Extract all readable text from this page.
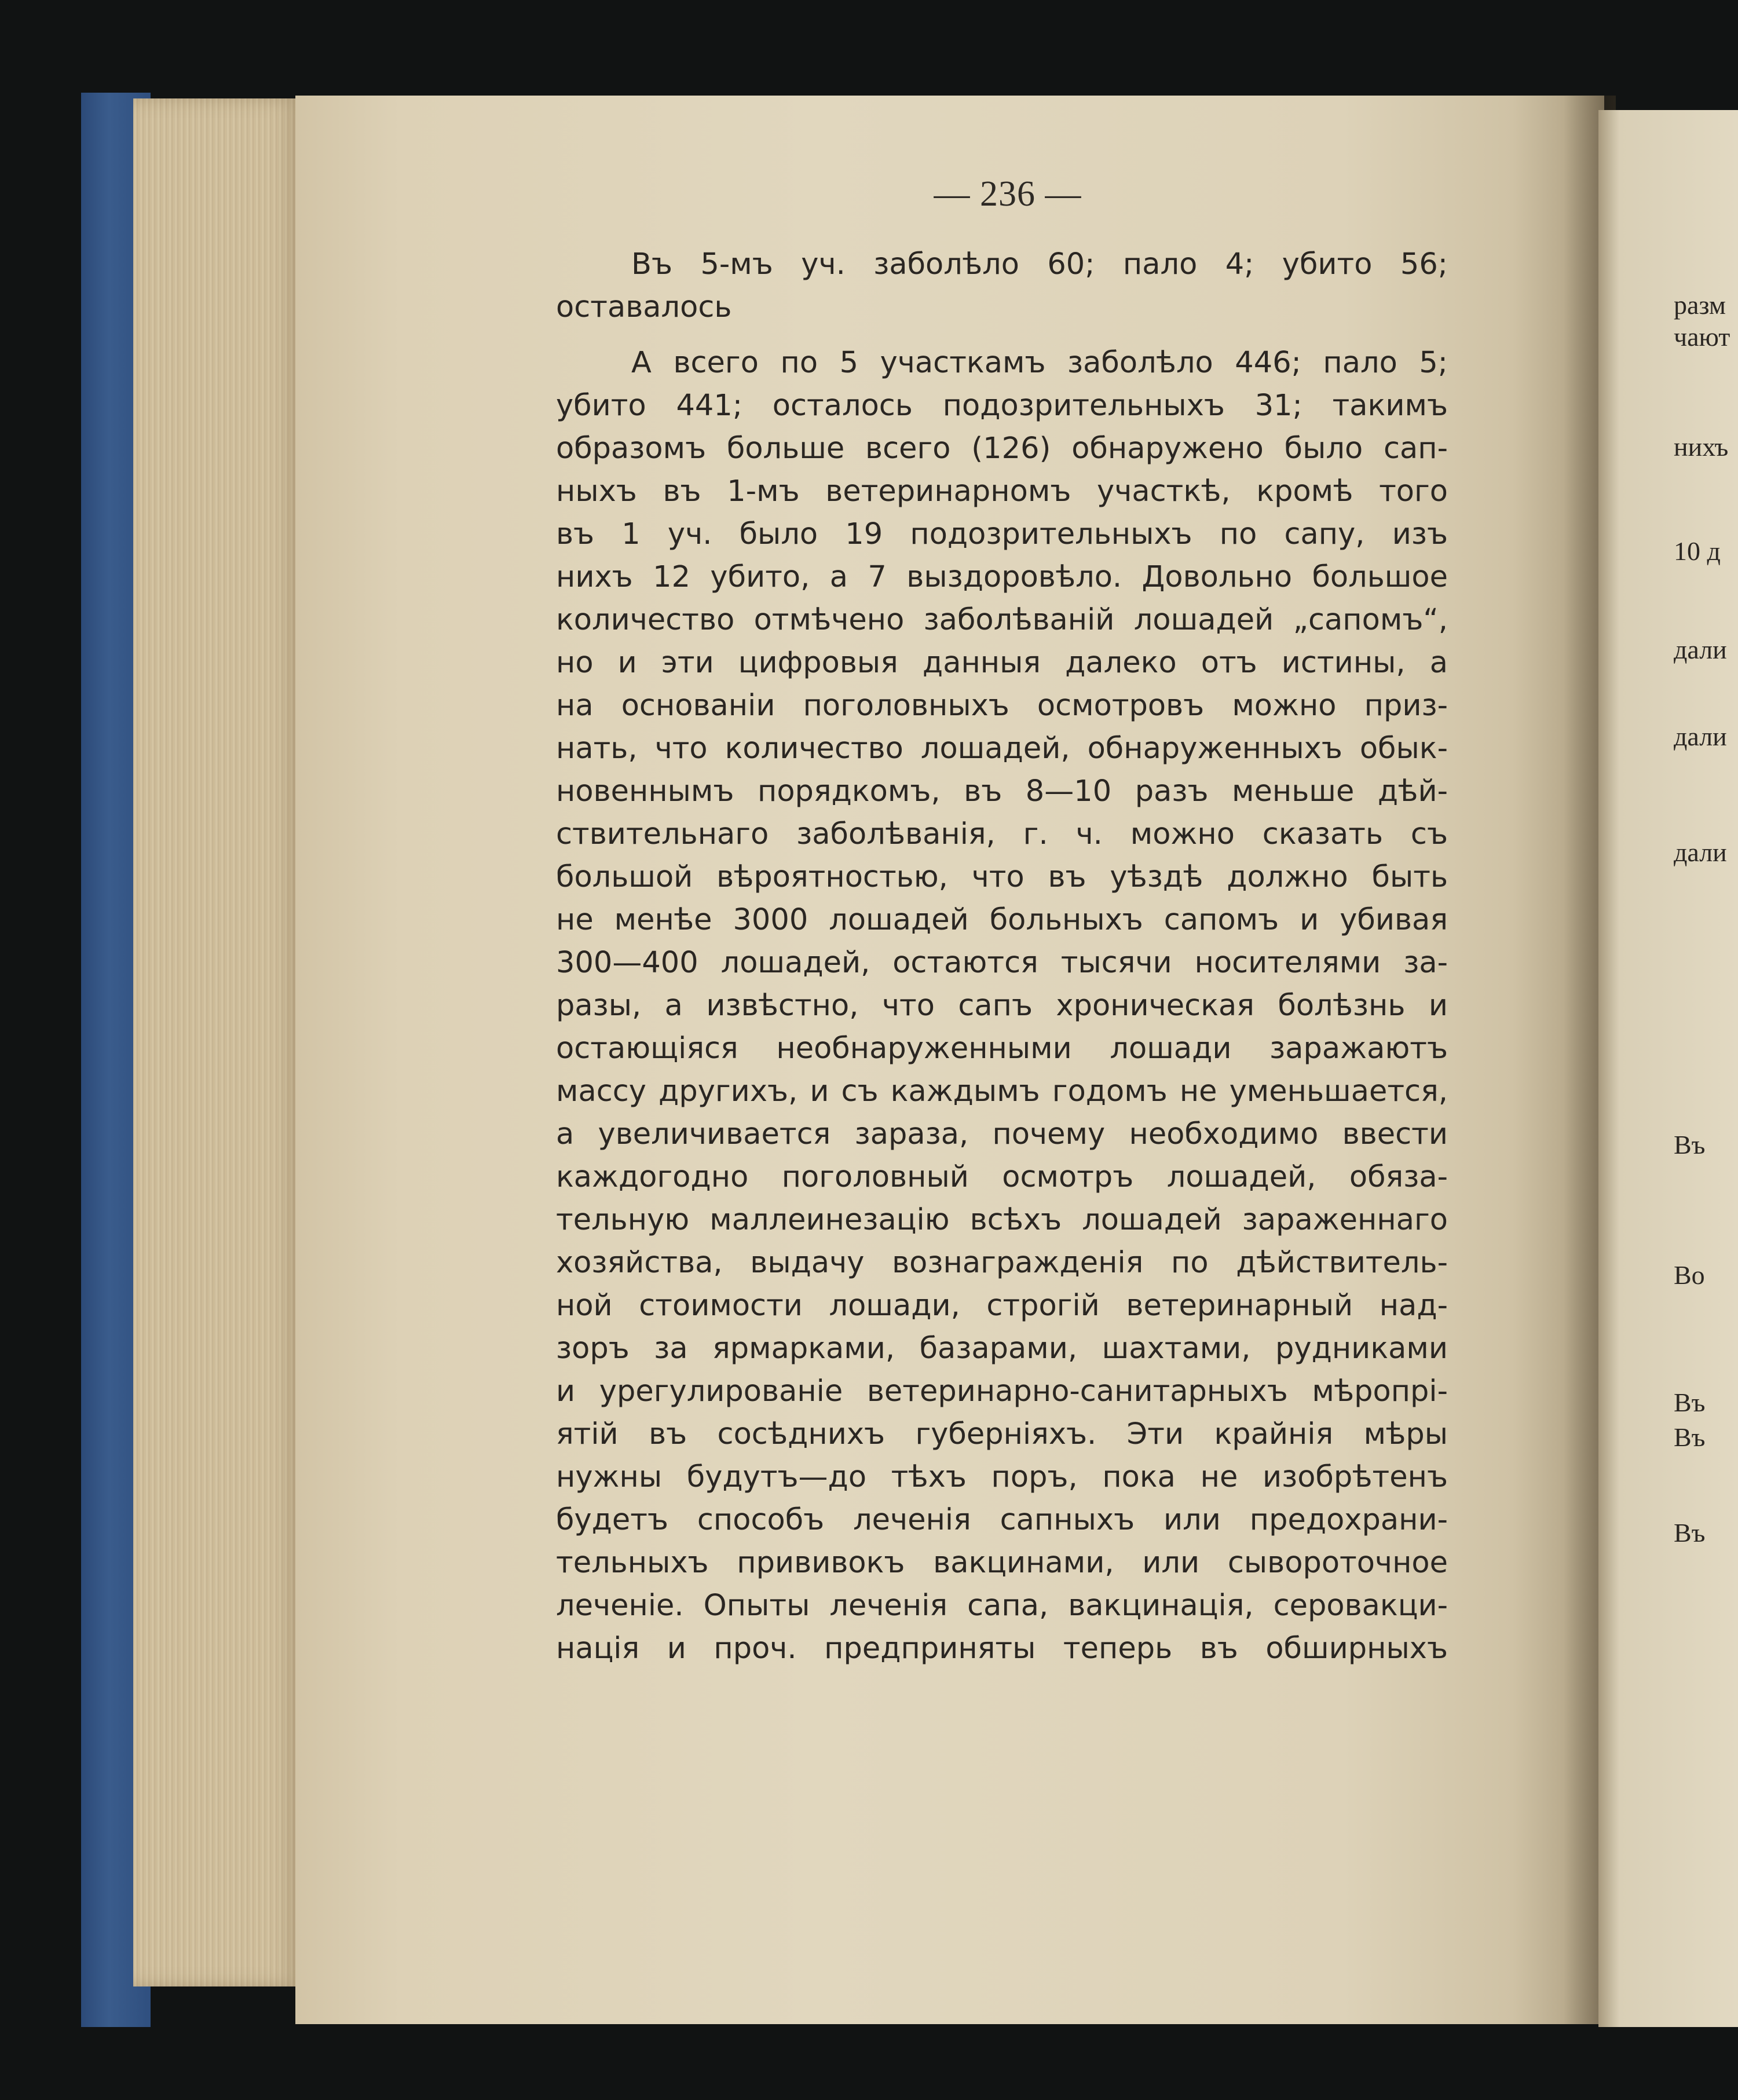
— 236 —
Въ 5-мъ уч. заболѣло 60; пало 4; убито 56;
оставалось
А всего по 5 участкамъ заболѣло 446; пало 5;
убито 441; осталось подозрительныхъ 31; такимъ
образомъ больше всего (126) обнаружено было сап-
ныхъ въ 1-мъ ветеринарномъ участкѣ, кромѣ того
въ 1 уч. было 19 подозрительныхъ по сапу, изъ
нихъ 12 убито, а 7 выздоровѣло. Довольно большое
количество отмѣчено заболѣваній лошадей „сапомъ“,
но и эти цифровыя данныя далеко отъ истины, а
на основаніи поголовныхъ осмотровъ можно приз-
нать, что количество лошадей, обнаруженныхъ обык-
новеннымъ порядкомъ, въ 8—10 разъ меньше дѣй-
ствительнаго заболѣванія, г. ч. можно сказать съ
большой вѣроятностью, что въ уѣздѣ должно быть
не менѣе 3000 лошадей больныхъ сапомъ и убивая
300—400 лошадей, остаются тысячи носителями за-
разы, а извѣстно, что сапъ хроническая болѣзнь и
остающіяся необнаруженными лошади заражаютъ
массу другихъ, и съ каждымъ годомъ не уменьшается,
а увеличивается зараза, почему необходимо ввести
каждогодно поголовный осмотръ лошадей, обяза-
тельную маллеинезацію всѣхъ лошадей зараженнаго
хозяйства, выдачу вознагражденія по дѣйствитель-
ной стоимости лошади, строгій ветеринарный над-
зоръ за ярмарками, базарами, шахтами, рудниками
и урегулированіе ветеринарно-санитарныхъ мѣропрі-
ятій въ сосѣднихъ губерніяхъ. Эти крайнія мѣры
нужны будутъ—до тѣхъ поръ, пока не изобрѣтенъ
будетъ способъ леченія сапныхъ или предохрани-
тельныхъ прививокъ вакцинами, или сывороточное
леченіе. Опыты леченія сапа, вакцинація, серовакци-
нація и проч. предприняты теперь въ обширныхъ
разм
чают
нихъ
10 д
дали
дали
дали
Въ
Во
Въ
Въ
Въ
